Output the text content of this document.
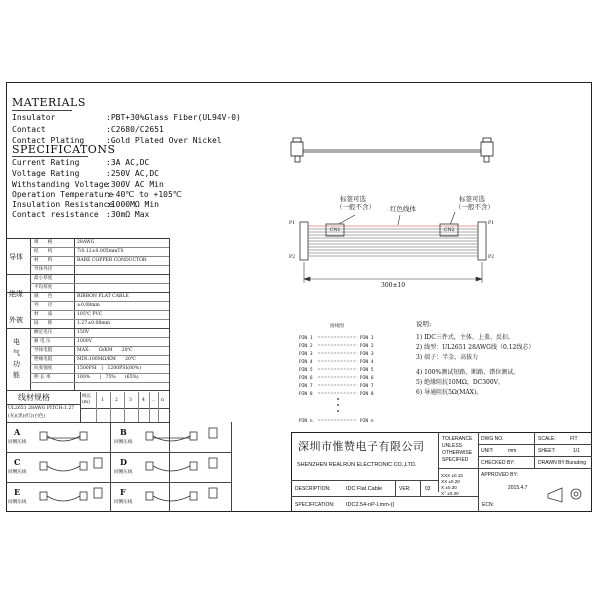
MATERIALS
Insulator	:PBT+30%Glass Fiber(UL94V-0)
Contact	:C2680/C2651
Contact Plating	:Gold Plated Over Nickel
SPECIFICATONS
Current Rating	:3A AC,DC
Voltage Rating	:250V AC,DC
Withstanding Voltage
:300V AC Min
Operation Temperature
:-40℃ to +105℃
Insulation Resistance
:1000MΩ Min
Contact resistance :30mΩ Max
标签可选
（一般不含） 红色线体
标签可选
（一般不含）
CN1	CN2
P1
P2	P2
P1
300±10
接线图
PIN 1
PIN 2
PIN 3
PIN 4
PIN 5
PIN 6
PIN 7
PIN 8
PIN n
PIN 1
PIN 2
PIN 3
PIN 4
PIN 5
PIN 6
PIN 7
PIN 8
PIN n
说明:
1) IDC三件式，主体、上盖、反扣。
2) 线型：UL2651 28AWG线（0.12线芯）
3) 端子：半金，高拔力
4) 100%测试短路、断路、错位测试。
5) 绝缘阻抗10MΩ，DC300V。
6) 导通阻抗5Ω(MAX)。
导体
绝缘
外被
电气功能
规　　格	28AWG
结　　构	7/0.12±0.005mmTS
材　　料	BARE COPPER CONDUCTOR
导体外径
最小厚度
平均厚度
颜　　色	RIBBON FLAT CABLE
外　　径	±0.08mm
材　　质	105℃ PVC
间　　距	1.27±0.08mm
额定电压	150V
耐 电 压	1000V
导体电阻	MAX:　　Ω/KM　　20℃
绝缘电阻	MIN:100MΩ/KM　　20℃
抗张强度	1500PSI　|　1200PSI(80%)
伸 长 率	100%　　|　75%　　(65%)
线材规格
UL2651 28AWG PITCH:1.27
(灰)(黑)(红)(白色)
线长(m)	1 2 3 4 .. n
A
同侧压线
B
同侧压线
C
同侧压线
D
同侧压线
E
同侧压线
F
同侧压线
深圳市惟赞电子有限公司
SHENZHEN REALRUN ELECTRONIC CO.,LTD.
TOLERANCE
UNLESS
OTHERWISE
SPECIFIED
XXX ±0.10
XX ±0.20
X ±0.30
X° ±0.30
DWG NO.	SCALE:	FIT
UNIT:	mm	SHEET:	1/1
CHECKED BY:	DRAWN BY: Burading
APPROVED BY:
2015.4.7
DESCRIPTION:	IDC Flat Cable	VER:	03
SPECIFICATION: IDC2.54-nP-Lmm-()	ECN:
